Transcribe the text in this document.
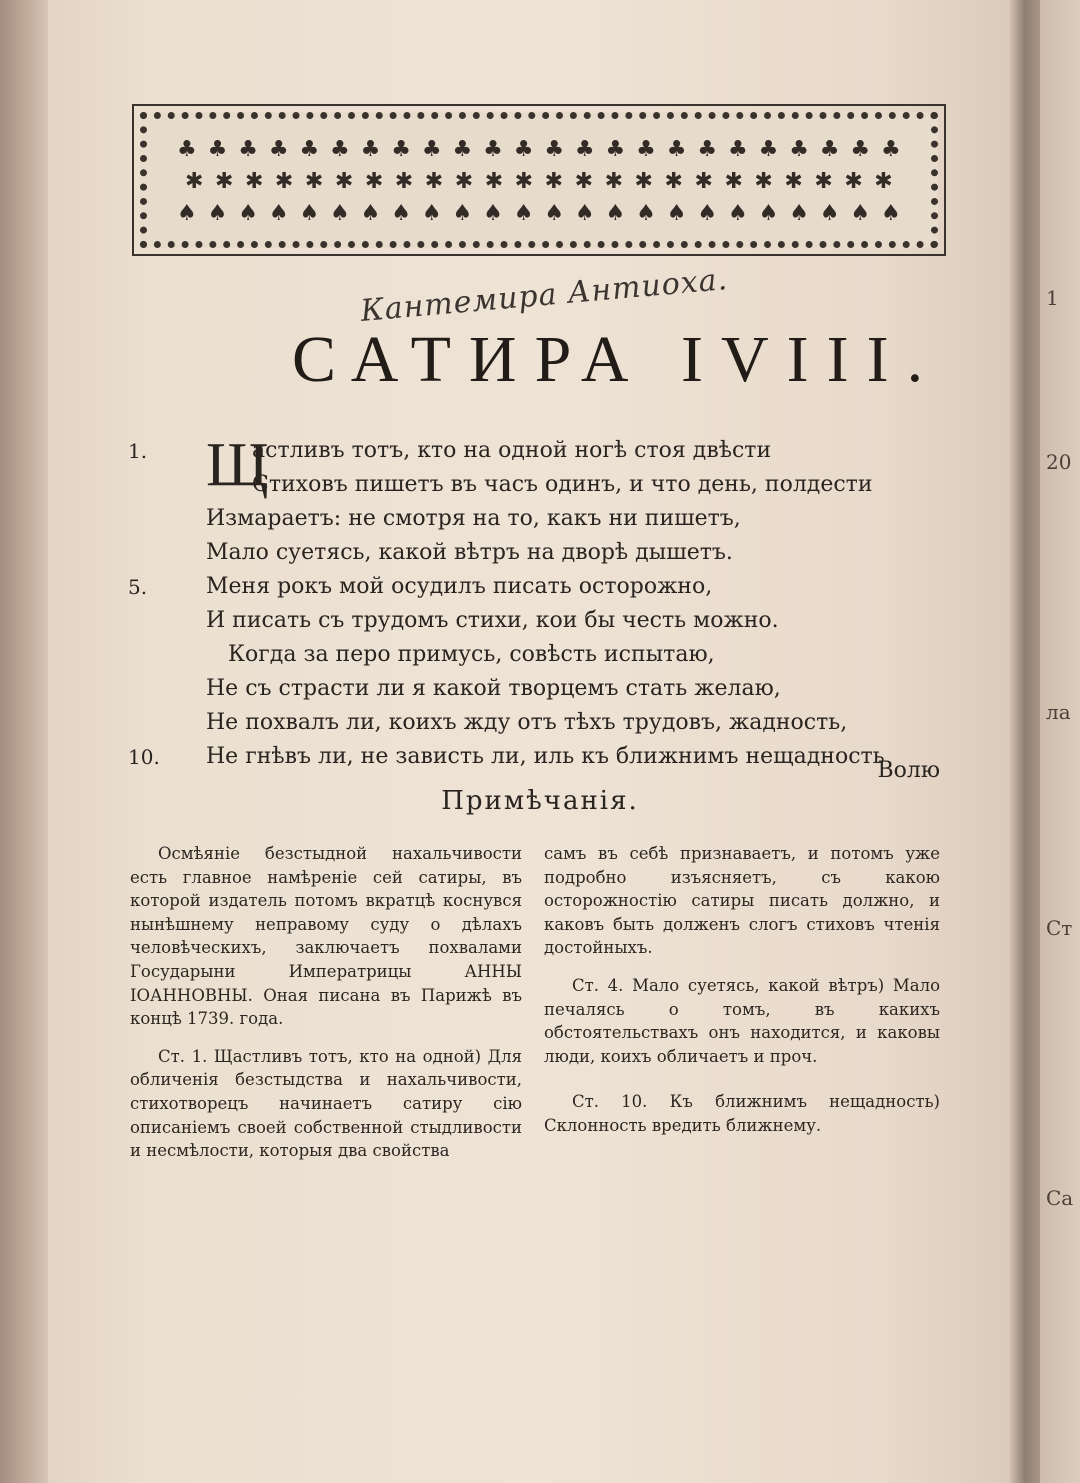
1
20
ла
Ст
Са
♣ ♣ ♣ ♣ ♣ ♣ ♣ ♣ ♣ ♣ ♣ ♣ ♣ ♣ ♣ ♣ ♣ ♣ ♣ ♣ ♣ ♣ ♣ ♣
✱ ✱ ✱ ✱ ✱ ✱ ✱ ✱ ✱ ✱ ✱ ✱ ✱ ✱ ✱ ✱ ✱ ✱ ✱ ✱ ✱ ✱ ✱ ✱
♠ ♠ ♠ ♠ ♠ ♠ ♠ ♠ ♠ ♠ ♠ ♠ ♠ ♠ ♠ ♠ ♠ ♠ ♠ ♠ ♠ ♠ ♠ ♠
Кантемира Антиоха.
САТИРА IVIII.
1. Щ
астливъ тотъ, кто на одной ногѣ стоя двѣсти
Стиховъ пишетъ въ часъ одинъ, и что день, полдести
Измараетъ: не смотря на то, какъ ни пишетъ,
Мало суетясь, какой вѣтръ на дворѣ дышетъ.
5.	Меня рокъ мой осудилъ писать осторожно,
И писать съ трудомъ стихи, кои бы честь можно.
Когда за перо примусь, совѣсть испытаю,
Не съ страсти ли я какой творцемъ стать желаю,
Не похвалъ ли, коихъ жду отъ тѣхъ трудовъ, жадность,
10.	Не гнѣвъ ли, не зависть ли, иль къ ближнимъ нещадность
Волю
Примѣчанія.

Осмѣяніе безстыдной нахальчивости есть главное намѣреніе сей сатиры, въ которой издатель потомъ вкратцѣ коснувся нынѣшнему неправому суду о дѣлахъ человѣческихъ, заключаетъ похвалами Государыни Императрицы АННЫ ІОАННОВНЫ. Оная писана въ Парижѣ въ концѣ 1739. года.

Ст. 1. Щастливъ тотъ, кто на одной) Для обличенія безстыдства и нахальчивости, стихотворецъ начинаетъ сатиру сію описаніемъ своей собственной стыдливости и несмѣлости, которыя два свойства

самъ въ себѣ признаваетъ, и потомъ уже подробно изъясняетъ, съ какою осторожностію сатиры писать должно, и каковъ быть долженъ слогъ стиховъ чтенія достойныхъ.

Ст. 4. Мало суетясь, какой вѣтръ) Мало печалясь о томъ, въ какихъ обстоятельствахъ онъ находится, и каковы люди, коихъ обличаетъ и проч.

Ст. 10. Къ ближнимъ нещадность) Склонность вредить ближнему.
